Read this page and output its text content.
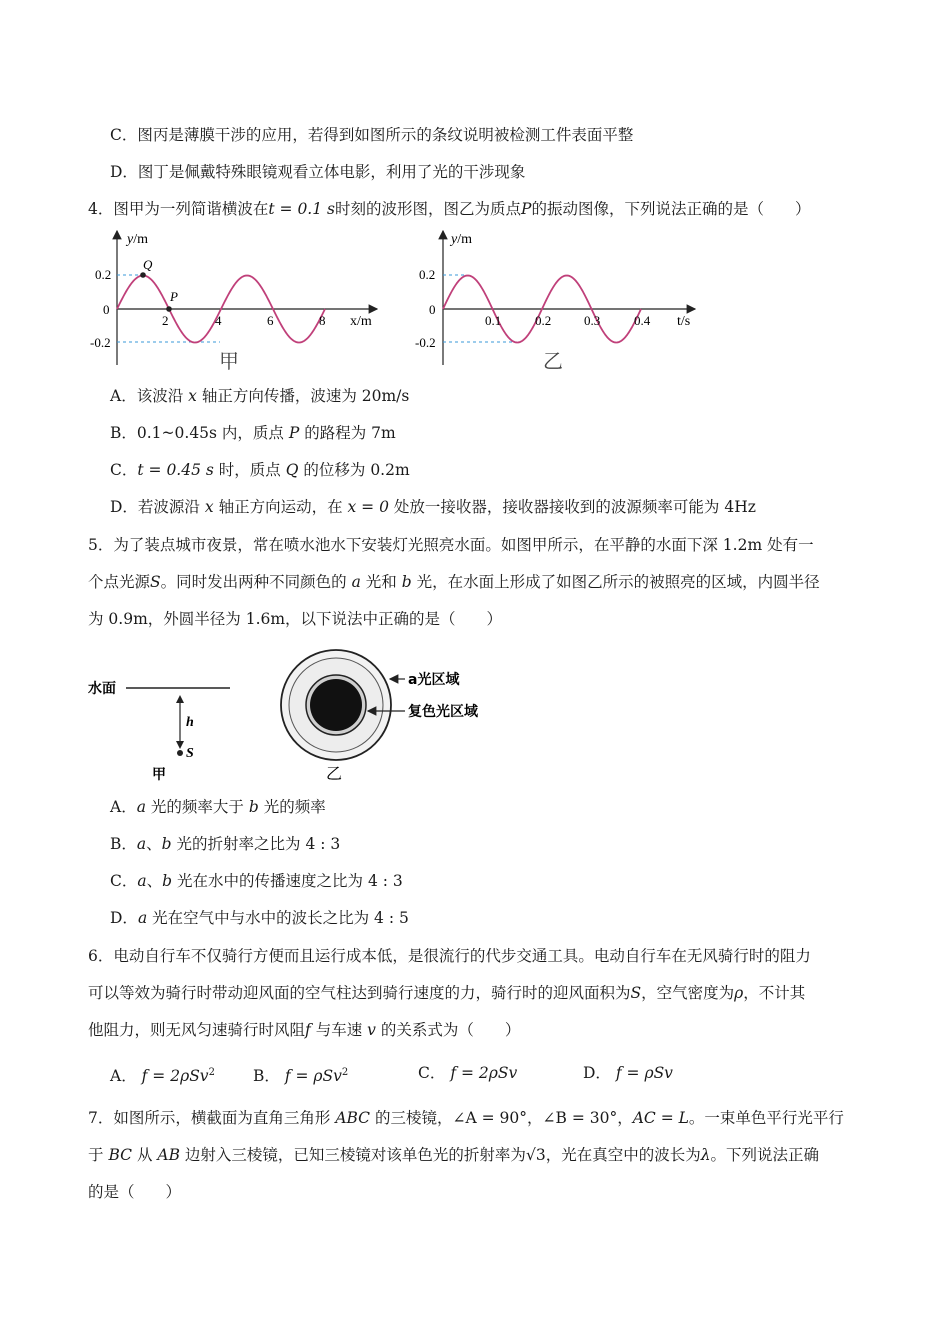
C．图丙是薄膜干涉的应用，若得到如图所示的条纹说明被检测工件表面平整
D．图丁是佩戴特殊眼镜观看立体电影，利用了光的干涉现象
4．图甲为一列简谐横波在t = 0.1 s时刻的波形图，图乙为质点P的振动图像，下列说法正确的是（　　）
y/m
x/m
0.2
0
-0.2
2	4	6	8
Q
P
甲
y/m
t/s
0.2
0
-0.2
0.1	0.2	0.3	0.4
乙
A．该波沿 x 轴正方向传播，波速为 20m/s
B．0.1~0.45s 内，质点 P 的路程为 7m
C．t = 0.45 s 时，质点 Q 的位移为 0.2m
D．若波源沿 x 轴正方向运动，在 x = 0 处放一接收器，接收器接收到的波源频率可能为 4Hz
5．为了装点城市夜景，常在喷水池水下安装灯光照亮水面。如图甲所示，在平静的水面下深 1.2m 处有一
个点光源S。同时发出两种不同颜色的 a 光和 b 光，在水面上形成了如图乙所示的被照亮的区域，内圆半径
为 0.9m，外圆半径为 1.6m，以下说法中正确的是（　　）
水面
h
S
甲	乙
a光区域
复色光区域
A．a 光的频率大于 b 光的频率
B．a、b 光的折射率之比为 4 : 3
C．a、b 光在水中的传播速度之比为 4 : 3
D．a 光在空气中与水中的波长之比为 4 : 5
6．电动自行车不仅骑行方便而且运行成本低，是很流行的代步交通工具。电动自行车在无风骑行时的阻力
可以等效为骑行时带动迎风面的空气柱达到骑行速度的力，骑行时的迎风面积为S，空气密度为ρ，不计其
他阻力，则无风匀速骑行时风阻f 与车速 v 的关系式为（　　）
A． f = 2ρSv$^2$ B． f = ρSv$^2$	C． f = 2ρSv	D． f = ρSv
7．如图所示，横截面为直角三角形 ABC 的三棱镜，∠A = 90°，∠B = 30°，AC = L。一束单色平行光平行
于 BC 从 AB 边射入三棱镜，已知三棱镜对该单色光的折射率为√3，光在真空中的波长为λ。下列说法正确
的是（　　）
